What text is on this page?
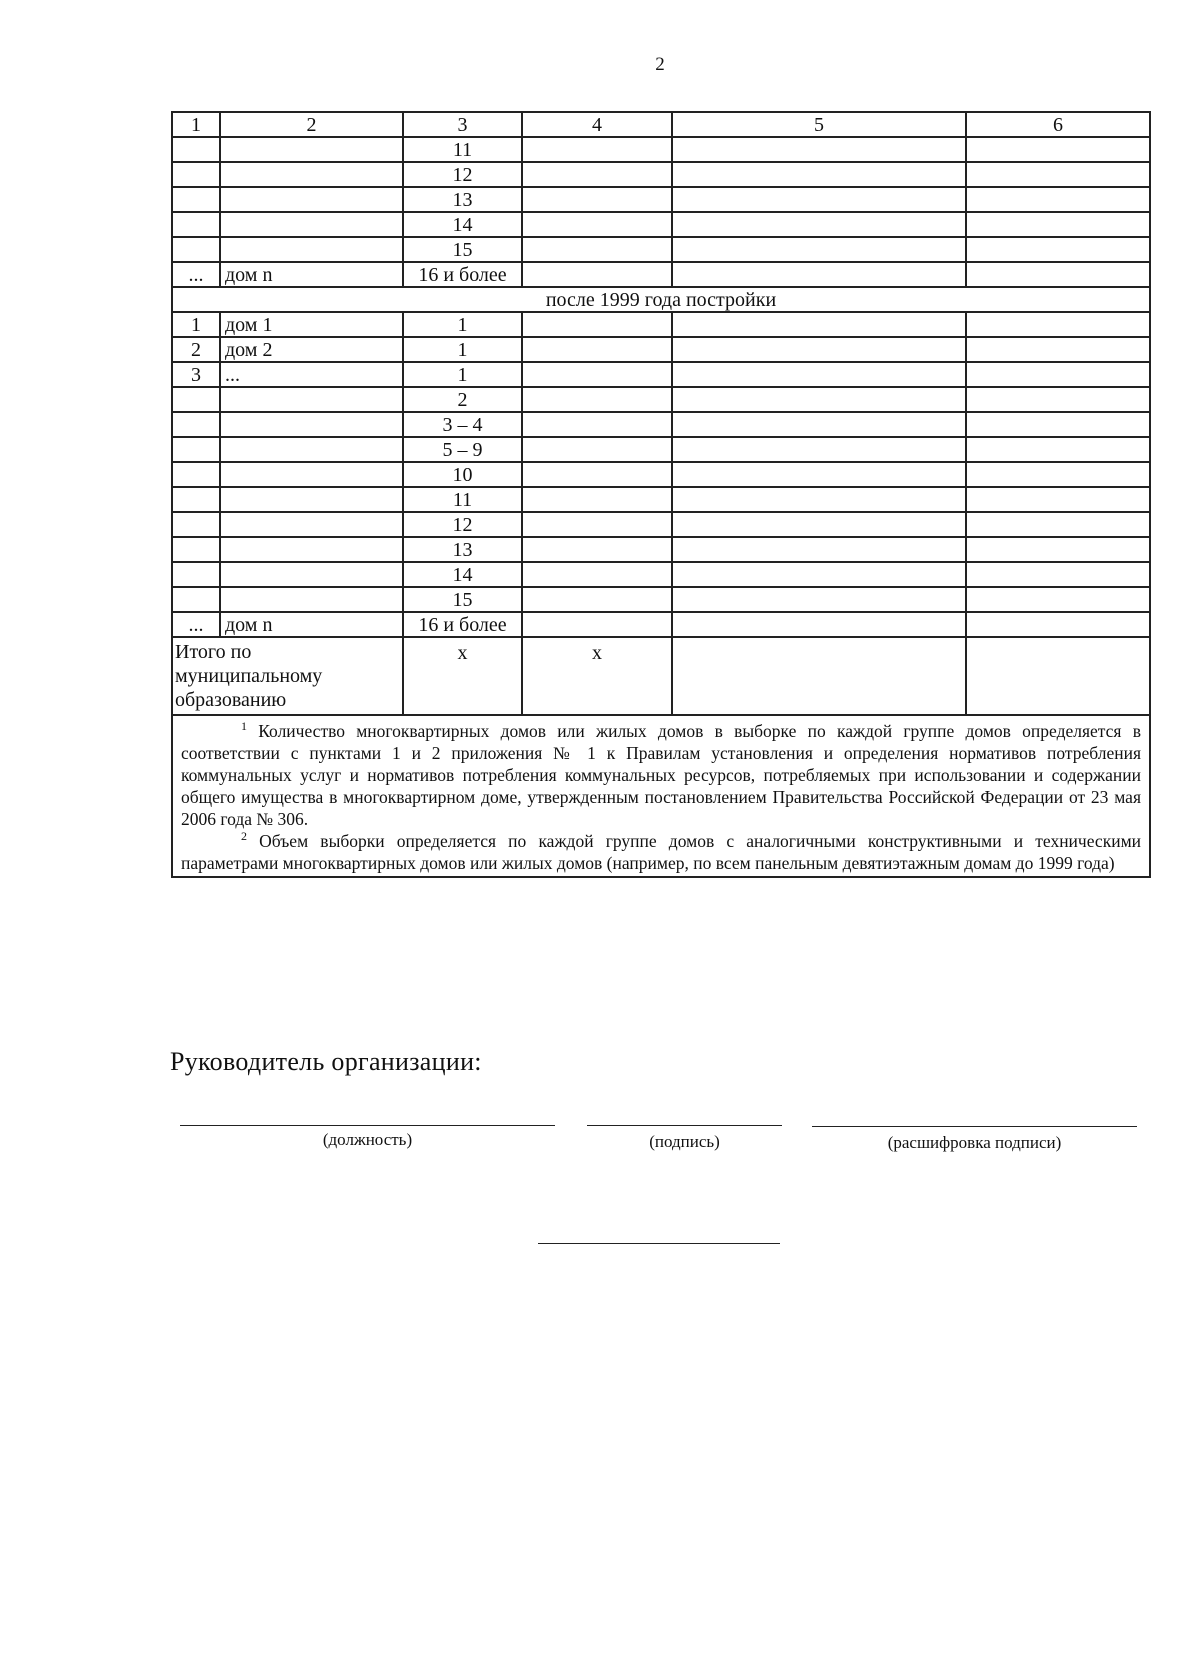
2
1	2	3	4	5	6
		11			
		12			
		13			
		14			
		15			
...	дом n	16 и более			
после 1999 года постройки					
1	дом 1	1			
2	дом 2	1			
3	...	1			
		2			
		3 – 4			
		5 – 9			
		10			
		11			
		12			
		13			
		14			
		15			
...	дом n	16 и более			
Итого по муниципальному образованию		х	х		

$^1$ Количество многоквартирных домов или жилых домов в выборке по каждой группе домов определяется в соответствии с пунктами 1 и 2 приложения № 1 к Правилам установления и определения нормативов потребления коммунальных услуг и нормативов потребления коммунальных ресурсов, потребляемых при использовании и содержании общего имущества в многоквартирном доме, утвержденным постановлением Правительства Российской Федерации от 23 мая 2006 года № 306.

$^2$ Объем выборки определяется по каждой группе домов с аналогичными конструктивными и техническими параметрами многоквартирных домов или жилых домов (например, по всем панельным девятиэтажным домам до 1999 года)					

Руководитель организации:
(должность)	(подпись)	(расшифровка подписи)
